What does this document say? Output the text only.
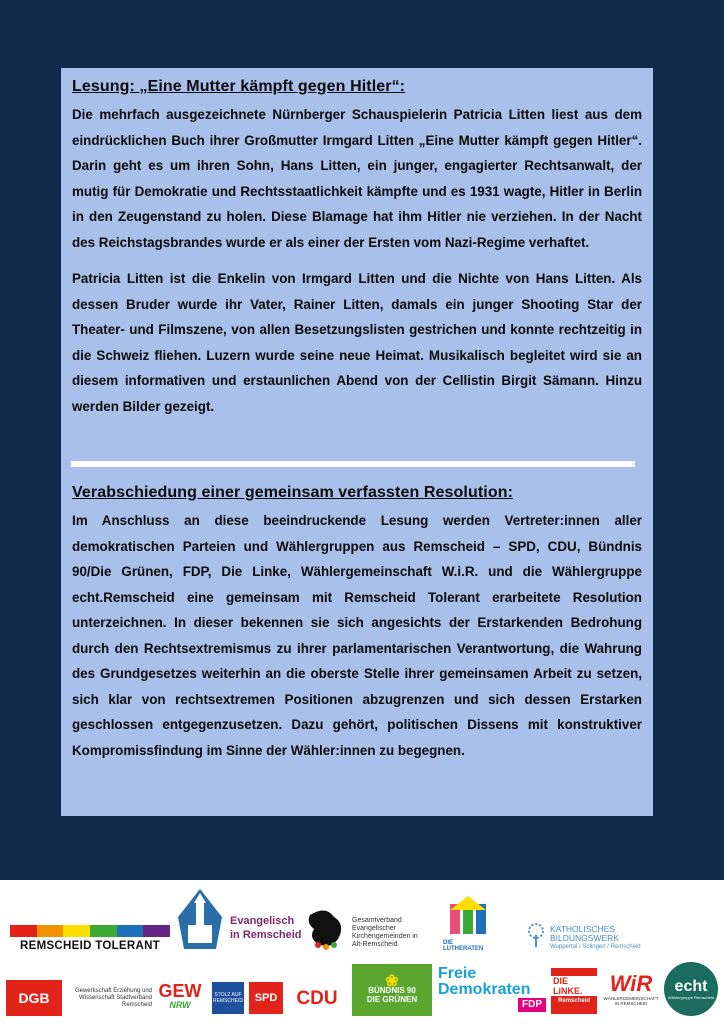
Lesung: „Eine Mutter kämpft gegen Hitler“:

Die mehrfach ausgezeichnete Nürnberger Schauspielerin Patricia Litten liest aus dem eindrücklichen Buch ihrer Großmutter Irmgard Litten „Eine Mutter kämpft gegen Hitler“. Darin geht es um ihren Sohn, Hans Litten, ein junger, engagierter Rechtsanwalt, der mutig für Demokratie und Rechtsstaatlichkeit kämpfte und es 1931 wagte, Hitler in Berlin in den Zeugenstand zu holen. Diese Blamage hat ihm Hitler nie verziehen. In der Nacht des Reichstagsbrandes wurde er als einer der Ersten vom Nazi-Regime verhaftet.

Patricia Litten ist die Enkelin von Irmgard Litten und die Nichte von Hans Litten. Als dessen Bruder wurde ihr Vater, Rainer Litten, damals ein junger Shooting Star der Theater- und Filmszene, von allen Besetzungslisten gestrichen und konnte rechtzeitig in die Schweiz fliehen. Luzern wurde seine neue Heimat. Musikalisch begleitet wird sie an diesem informativen und erstaunlichen Abend von der Cellistin Birgit Sämann. Hinzu werden Bilder gezeigt.

Verabschiedung einer gemeinsam verfassten Resolution:

Im Anschluss an diese beeindruckende Lesung werden Vertreter:innen aller demokratischen Parteien und Wählergruppen aus Remscheid – SPD, CDU, Bündnis 90/Die Grünen, FDP, Die Linke, Wählergemeinschaft W.i.R. und die Wählergruppe echt.Remscheid eine gemeinsam mit Remscheid Tolerant erarbeitete Resolution unterzeichnen. In dieser bekennen sie sich angesichts der Erstarkenden Bedrohung durch den Rechtsextremismus zu ihrer parlamentarischen Verantwortung, die Wahrung des Grundgesetzes weiterhin an die oberste Stelle ihrer gemeinsamen Arbeit zu setzen, sich klar von rechtsextremen Positionen abzugrenzen und sich dessen Erstarken geschlossen entgegenzusetzen. Dazu gehört, politischen Dissens mit konstruktiver Kompromissfindung im Sinne der Wähler:innen zu begegnen.

REMSCHEID TOLERANT
Evangelisch in Remscheid
Gesamtverband Evangelischer Kirchengemeinden in Alt-Remscheid	DIE LUTHERATEN
KATHOLISCHES
BILDUNGSWERK
Wuppertal / Solingen / Remscheid
DGB	Gewerkschaft Erziehung und Wissenschaft Stadtverband Remscheid
GEW
NRW
STOLZ AUF REMSCHEID SPD CDU
❀
BÜNDNIS 90
DIE GRÜNEN
Freie
Demokraten
FDP
DIE LiNKE.
Remscheid
WiR
WÄHLERGEMEINSCHAFT IN REMSCHEID
echt
Wählergruppe Remscheid
